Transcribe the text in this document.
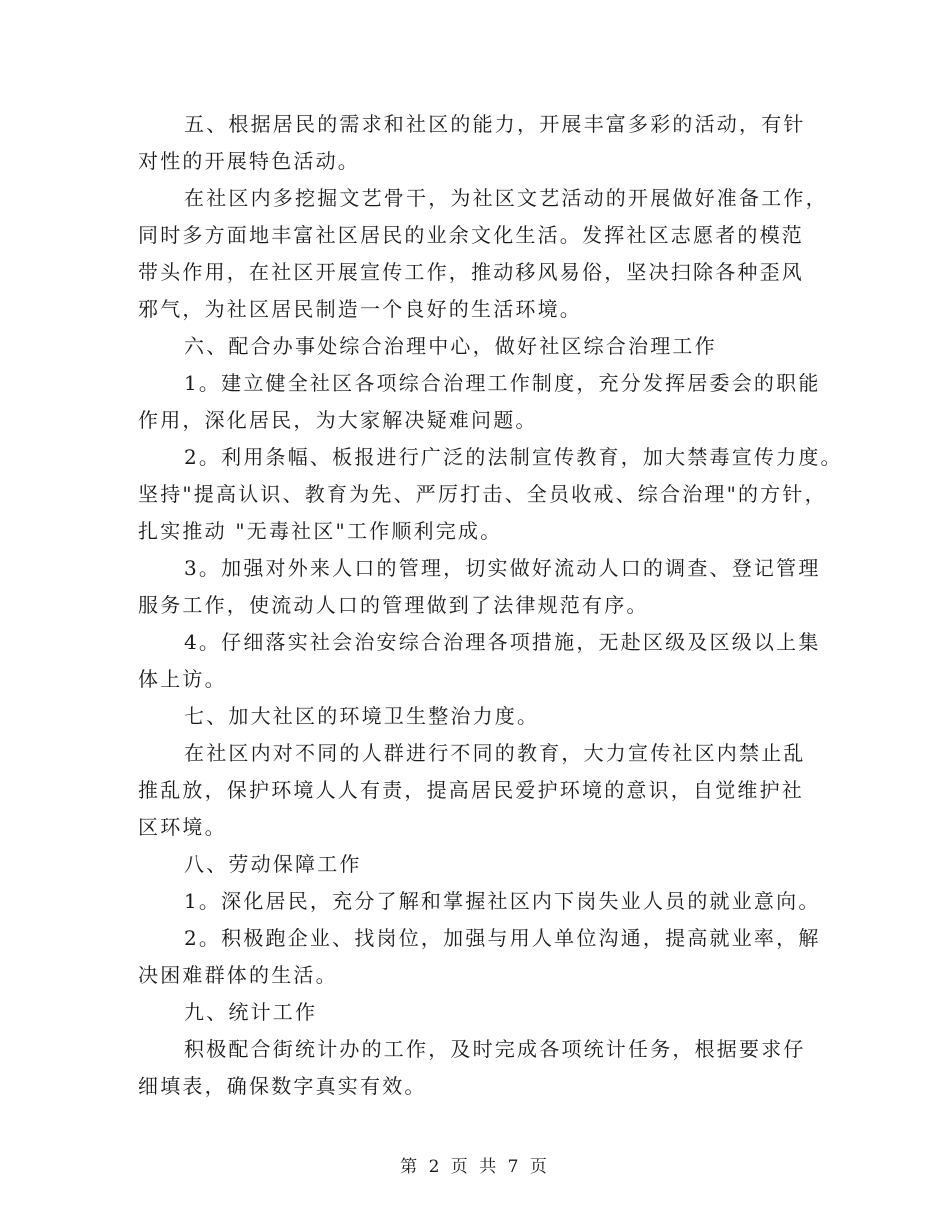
五、根据居民的需求和社区的能力，开展丰富多彩的活动，有针
对性的开展特色活动。

在社区内多挖掘文艺骨干，为社区文艺活动的开展做好准备工作，
同时多方面地丰富社区居民的业余文化生活。发挥社区志愿者的模范
带头作用，在社区开展宣传工作，推动移风易俗，坚决扫除各种歪风
邪气，为社区居民制造一个良好的生活环境。

六、配合办事处综合治理中心，做好社区综合治理工作

1。建立健全社区各项综合治理工作制度，充分发挥居委会的职能
作用，深化居民，为大家解决疑难问题。

2。利用条幅、板报进行广泛的法制宣传教育，加大禁毒宣传力度。
坚持"提高认识、教育为先、严厉打击、全员收戒、综合治理"的方针，
扎实推动 "无毒社区"工作顺利完成。

3。加强对外来人口的管理，切实做好流动人口的调查、登记管理
服务工作，使流动人口的管理做到了法律规范有序。

4。仔细落实社会治安综合治理各项措施，无赴区级及区级以上集
体上访。

七、加大社区的环境卫生整治力度。

在社区内对不同的人群进行不同的教育，大力宣传社区内禁止乱
推乱放，保护环境人人有责，提高居民爱护环境的意识，自觉维护社
区环境。

八、劳动保障工作

1。深化居民，充分了解和掌握社区内下岗失业人员的就业意向。

2。积极跑企业、找岗位，加强与用人单位沟通，提高就业率，解
决困难群体的生活。

九、统计工作

积极配合街统计办的工作，及时完成各项统计任务，根据要求仔
细填表，确保数字真实有效。

第 2 页 共 7 页
